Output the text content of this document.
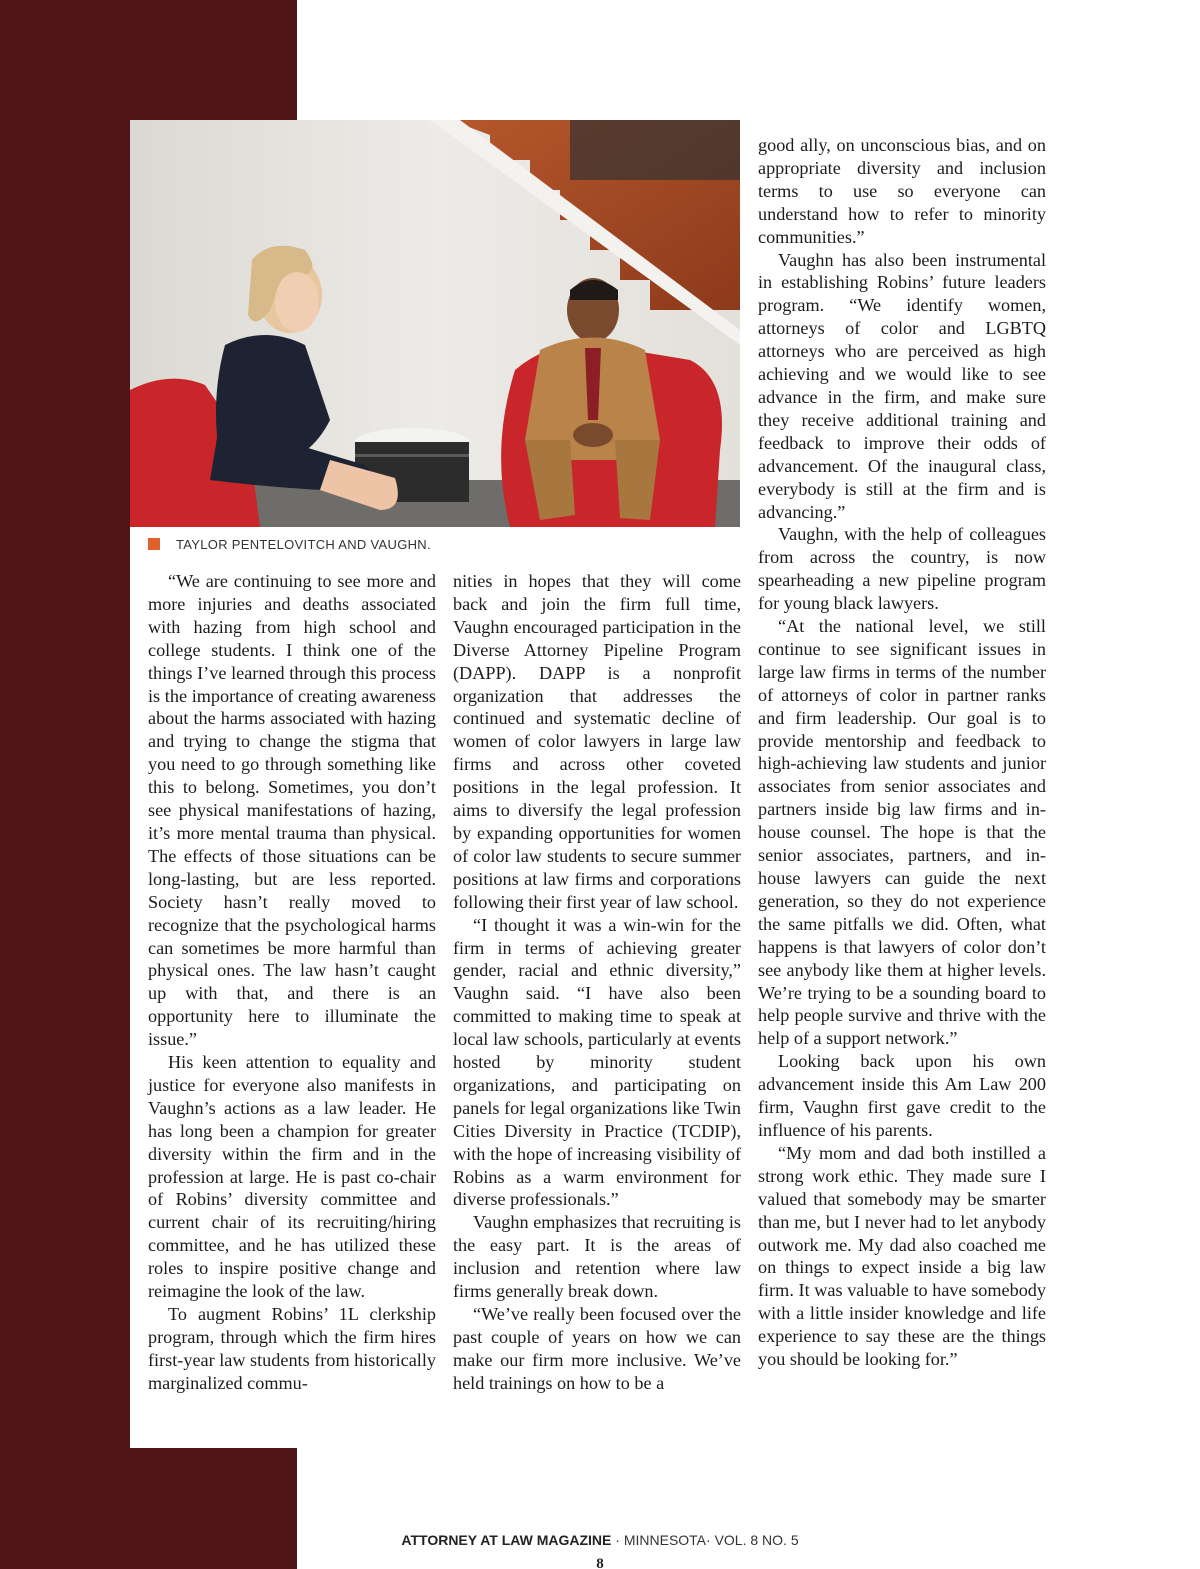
TAYLOR PENTELOVITCH AND VAUGHN.

“We are continuing to see more and more injuries and deaths associated with hazing from high school and college students. I think one of the things I’ve learned through this process is the importance of creating awareness about the harms associated with hazing and trying to change the stigma that you need to go through something like this to belong. Sometimes, you don’t see physical manifestations of hazing, it’s more mental trauma than physical. The effects of those situations can be long-lasting, but are less reported. Society hasn’t really moved to recognize that the psychological harms can sometimes be more harmful than physical ones. The law hasn’t caught up with that, and there is an opportunity here to illuminate the issue.”

His keen attention to equality and justice for everyone also manifests in Vaughn’s actions as a law leader. He has long been a champion for greater diversity within the firm and in the profession at large. He is past co-chair of Robins’ diversity committee and current chair of its recruiting/hiring committee, and he has utilized these roles to inspire positive change and reimagine the look of the law.

To augment Robins’ 1L clerkship program, through which the firm hires first-year law students from historically marginalized commu-

nities in hopes that they will come back and join the firm full time, Vaughn encouraged participation in the Diverse Attorney Pipeline Program (DAPP). DAPP is a nonprofit organization that addresses the continued and systematic decline of women of color lawyers in large law firms and across other coveted positions in the legal profession. It aims to diversify the legal profession by expanding opportunities for women of color law students to secure summer positions at law firms and corporations following their first year of law school.

“I thought it was a win-win for the firm in terms of achieving greater gender, racial and ethnic diversity,” Vaughn said. “I have also been committed to making time to speak at local law schools, particularly at events hosted by minority student organizations, and participating on panels for legal organizations like Twin Cities Diversity in Practice (TCDIP), with the hope of increasing visibility of Robins as a warm environment for diverse professionals.”

Vaughn emphasizes that recruiting is the easy part. It is the areas of inclusion and retention where law firms generally break down.

“We’ve really been focused over the past couple of years on how we can make our firm more inclusive. We’ve held trainings on how to be a

good ally, on unconscious bias, and on appropriate diversity and inclusion terms to use so everyone can understand how to refer to minority communities.”

Vaughn has also been instrumental in establishing Robins’ future leaders program. “We identify women, attorneys of color and LGBTQ attorneys who are perceived as high achieving and we would like to see advance in the firm, and make sure they receive additional training and feedback to improve their odds of advancement. Of the inaugural class, everybody is still at the firm and is advancing.”

Vaughn, with the help of colleagues from across the country, is now spearheading a new pipeline program for young black lawyers.

“At the national level, we still continue to see significant issues in large law firms in terms of the number of attorneys of color in partner ranks and firm leadership. Our goal is to provide mentorship and feedback to high-achieving law students and junior associates from senior associates and partners inside big law firms and in-house counsel. The hope is that the senior associates, partners, and in-house lawyers can guide the next generation, so they do not experience the same pitfalls we did. Often, what happens is that lawyers of color don’t see anybody like them at higher levels. We’re trying to be a sounding board to help people survive and thrive with the help of a support network.”

Looking back upon his own advancement inside this Am Law 200 firm, Vaughn first gave credit to the influence of his parents.

“My mom and dad both instilled a strong work ethic. They made sure I valued that somebody may be smarter than me, but I never had to let anybody outwork me. My dad also coached me on things to expect inside a big law firm. It was valuable to have somebody with a little insider knowledge and life experience to say these are the things you should be looking for.”

ATTORNEY AT LAW MAGAZINE · MINNESOTA· VOL. 8 NO. 5
8
